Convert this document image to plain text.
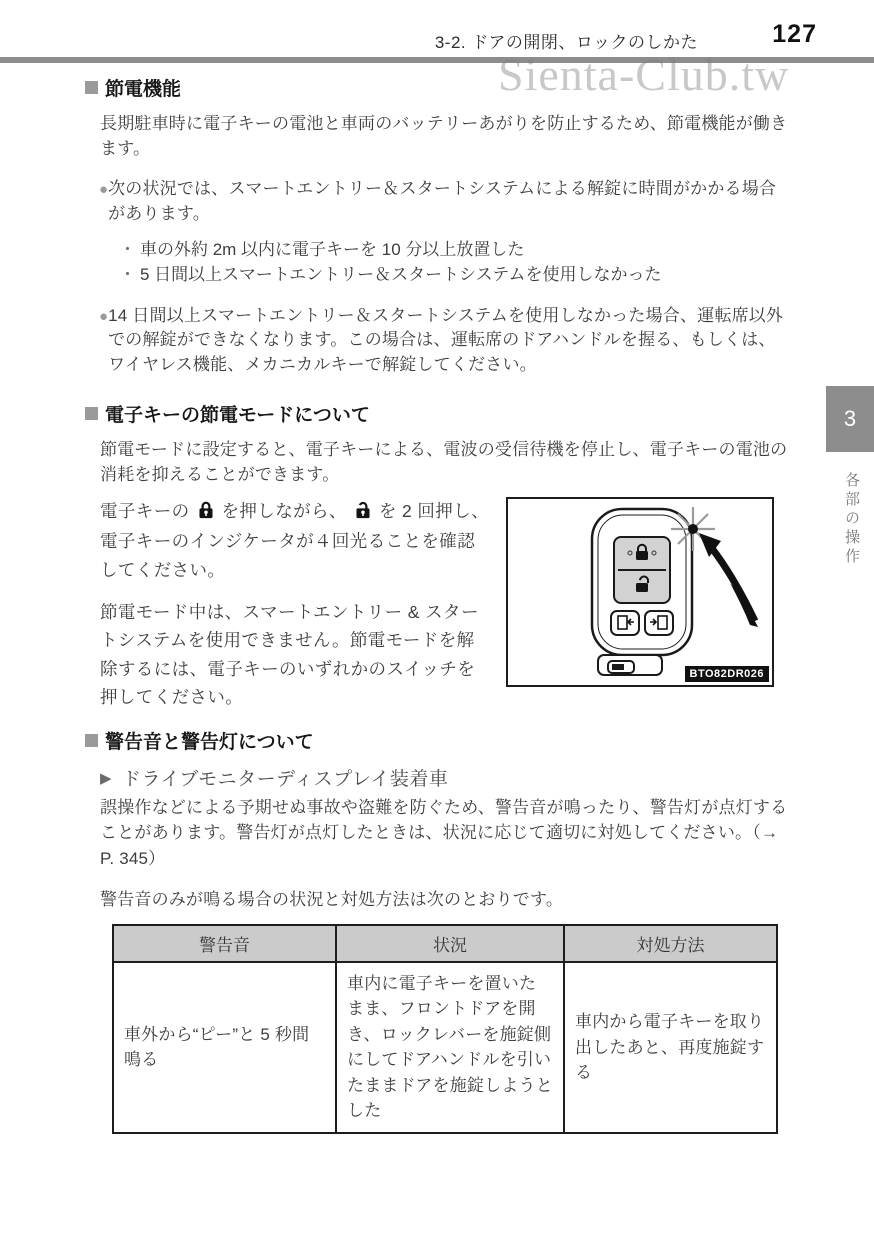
3-2. ドアの開閉、ロックのしかた	127
Sienta-Club.tw
3
各部の操作
節電機能

長期駐車時に電子キーの電池と車両のバッテリーあがりを防止するため、節電機能が働きます。

● 次の状況では、スマートエントリー＆スタートシステムによる解錠に時間がかかる場合があります。
・ 車の外約 2m 以内に電子キーを 10 分以上放置した
・ 5 日間以上スマートエントリー＆スタートシステムを使用しなかった
● 14 日間以上スマートエントリー＆スタートシステムを使用しなかった場合、運転席以外での解錠ができなくなります。この場合は、運転席のドアハンドルを握る、もしくは、ワイヤレス機能、メカニカルキーで解錠してください。
電子キーの節電モードについて

節電モードに設定すると、電子キーによる、電波の受信待機を停止し、電子キーの電池の消耗を抑えることができます。

電子キーの を押しながら、 を 2 回押し、電子キーのインジケータが４回光ることを確認してください。

節電モード中は、スマートエントリー & スタートシステムを使用できません。節電モードを解除するには、電子キーのいずれかのスイッチを押してください。

BTO82DR026
警告音と警告灯について
▶ ドライブモニターディスプレイ装着車

誤操作などによる予期せぬ事故や盗難を防ぐため、警告音が鳴ったり、警告灯が点灯することがあります。警告灯が点灯したときは、状況に応じて適切に対処してください。（→ P. 345）

警告音のみが鳴る場合の状況と対処方法は次のとおりです。

警告音	状況	対処方法
車外から“ピー”と 5 秒間鳴る	車内に電子キーを置いたまま、フロントドアを開き、ロックレバーを施錠側にしてドアハンドルを引いたままドアを施錠しようとした	車内から電子キーを取り出したあと、再度施錠する
